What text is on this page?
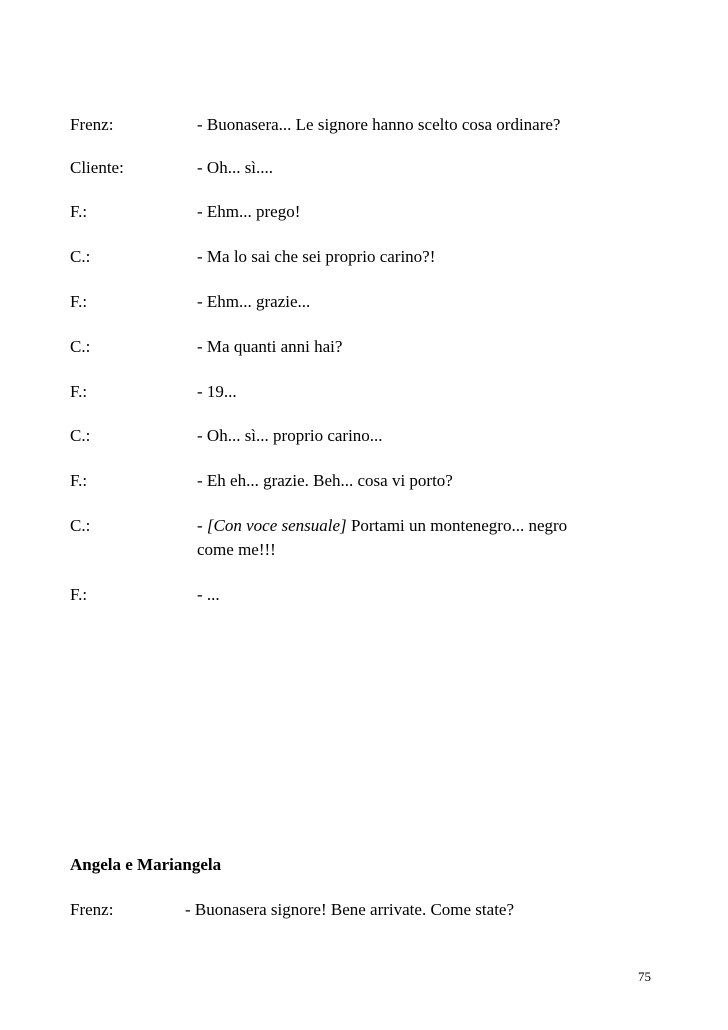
Frenz:	- Buonasera... Le signore hanno scelto cosa ordinare?
Cliente:	- Oh... sì....
F.:	- Ehm... prego!
C.:	- Ma lo sai che sei proprio carino?!
F.:	- Ehm... grazie...
C.:	- Ma quanti anni hai?
F.:	- 19...
C.:	- Oh... sì... proprio carino...
F.:	- Eh eh... grazie. Beh... cosa vi porto?
C.:	- [Con voce sensuale] Portami un montenegro... negro
come me!!!
F.:	- ...
Angela e Mariangela
Frenz:	- Buonasera signore! Bene arrivate. Come state?
75
